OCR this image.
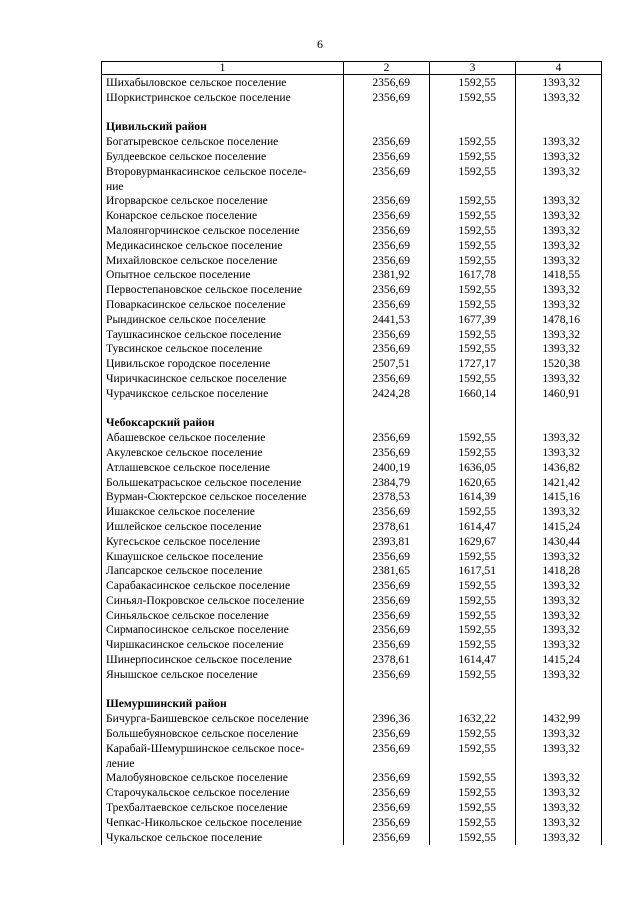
6
1	2	3	4
Шихабыловское сельское поселение	2356,69	1592,55	1393,32
Шоркистринское сельское поселение	2356,69	1592,55	1393,32

Цивильский район			
Богатыревское сельское поселение	2356,69	1592,55	1393,32
Булдеевское сельское поселение	2356,69	1592,55	1393,32

Второвурманкасинское сельское поселе-
ние	2356,69	1592,55	1393,32
Игорварское сельское поселение	2356,69	1592,55	1393,32
Конарское сельское поселение	2356,69	1592,55	1393,32
Малоянгорчинское сельское поселение	2356,69	1592,55	1393,32
Медикасинское сельское поселение	2356,69	1592,55	1393,32
Михайловское сельское поселение	2356,69	1592,55	1393,32
Опытное сельское поселение	2381,92	1617,78	1418,55
Первостепановское сельское поселение	2356,69	1592,55	1393,32
Поваркасинское сельское поселение	2356,69	1592,55	1393,32
Рындинское сельское поселение	2441,53	1677,39	1478,16
Таушкасинское сельское поселение	2356,69	1592,55	1393,32
Тувсинское сельское поселение	2356,69	1592,55	1393,32
Цивильское городское поселение	2507,51	1727,17	1520,38
Чиричкасинское сельское поселение	2356,69	1592,55	1393,32
Чурачикское сельское поселение	2424,28	1660,14	1460,91

Чебоксарский район			
Абашевское сельское поселение	2356,69	1592,55	1393,32
Акулевское сельское поселение	2356,69	1592,55	1393,32
Атлашевское сельское поселение	2400,19	1636,05	1436,82
Большекатрасьское сельское поселение	2384,79	1620,65	1421,42
Вурман-Сюктерское сельское поселение	2378,53	1614,39	1415,16
Ишакское сельское поселение	2356,69	1592,55	1393,32
Ишлейское сельское поселение	2378,61	1614,47	1415,24
Кугесьское сельское поселение	2393,81	1629,67	1430,44
Кшаушское сельское поселение	2356,69	1592,55	1393,32
Лапсарское сельское поселение	2381,65	1617,51	1418,28
Сарабакасинское сельское поселение	2356,69	1592,55	1393,32
Синьял-Покровское сельское поселение	2356,69	1592,55	1393,32
Синьяльское сельское поселение	2356,69	1592,55	1393,32
Сирмапосинское сельское поселение	2356,69	1592,55	1393,32
Чиршкасинское сельское поселение	2356,69	1592,55	1393,32
Шинерпосинское сельское поселение	2378,61	1614,47	1415,24
Янышское сельское поселение	2356,69	1592,55	1393,32

Шемуршинский район			
Бичурга-Баишевское сельское поселение	2396,36	1632,22	1432,99
Большебуяновское сельское поселение	2356,69	1592,55	1393,32

Карабай-Шемуршинское сельское посе-
ление	2356,69	1592,55	1393,32
Малобуяновское сельское поселение	2356,69	1592,55	1393,32
Старочукальское сельское поселение	2356,69	1592,55	1393,32
Трехбалтаевское сельское поселение	2356,69	1592,55	1393,32
Чепкас-Никольское сельское поселение	2356,69	1592,55	1393,32
Чукальское сельское поселение	2356,69	1592,55	1393,32
